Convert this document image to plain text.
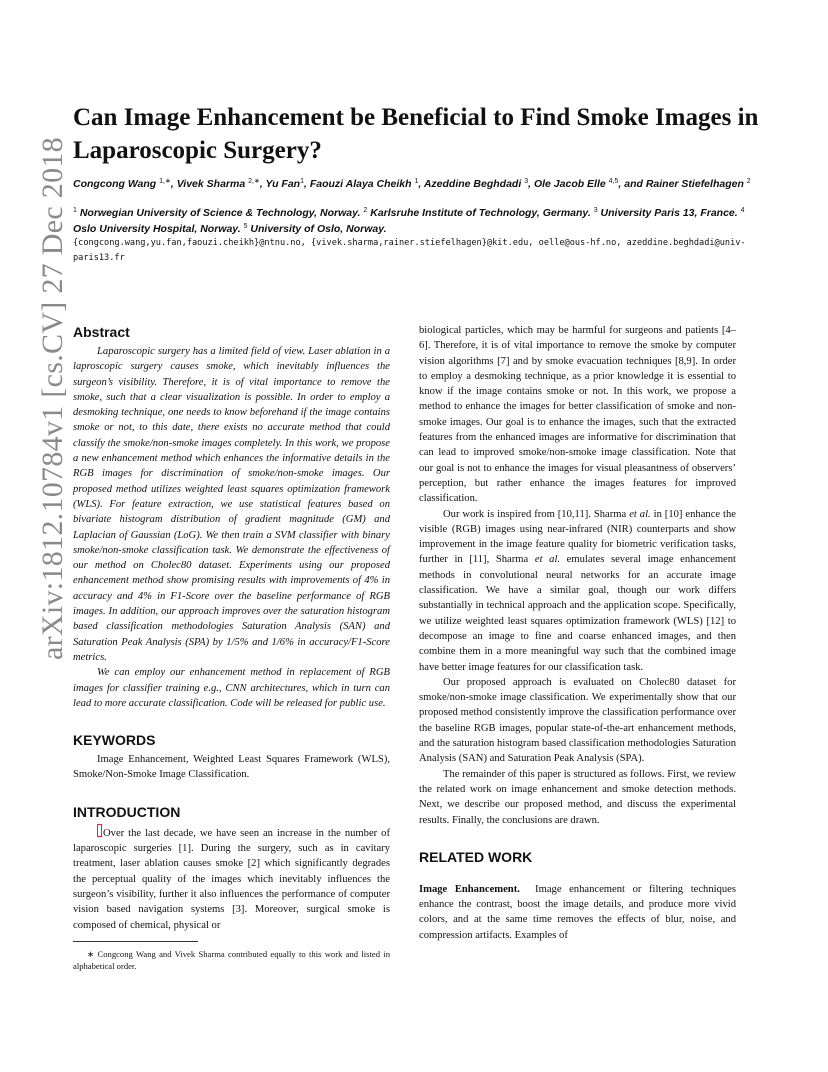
arXiv:1812.10784v1 [cs.CV] 27 Dec 2018
Can Image Enhancement be Beneficial to Find Smoke Images in Laparoscopic Surgery?
Congcong Wang $^{1,∗}$, Vivek Sharma $^{2,∗}$, Yu Fan$^1$, Faouzi Alaya Cheikh $^1$, Azeddine Beghdadi $^3$, Ole Jacob Elle $^{4,5}$, and Rainer Stiefelhagen $^2$
$^1$ Norwegian University of Science & Technology, Norway. $^2$ Karlsruhe Institute of Technology, Germany. $^3$ University Paris 13, France. $^4$ Oslo University Hospital, Norway. $^5$ University of Oslo, Norway.
{congcong.wang,yu.fan,faouzi.cheikh}@ntnu.no, {vivek.sharma,rainer.stiefelhagen}@kit.edu, oelle@ous-hf.no, azeddine.beghdadi@univ-paris13.fr
Abstract

Laparoscopic surgery has a limited field of view. Laser ablation in a laproscopic surgery causes smoke, which inevitably influences the surgeon’s visibility. Therefore, it is of vital importance to remove the smoke, such that a clear visualization is possible. In order to employ a desmoking technique, one needs to know beforehand if the image contains smoke or not, to this date, there exists no accurate method that could classify the smoke/non-smoke images completely. In this work, we propose a new enhancement method which enhances the informative details in the RGB images for discrimination of smoke/non-smoke images. Our proposed method utilizes weighted least squares optimization framework (WLS). For feature extraction, we use statistical features based on bivariate histogram distribution of gradient magnitude (GM) and Laplacian of Gaussian (LoG). We then train a SVM classifier with binary smoke/non-smoke classification task. We demonstrate the effectiveness of our method on Cholec80 dataset. Experiments using our proposed enhancement method show promising results with improvements of 4% in accuracy and 4% in F1-Score over the baseline performance of RGB images. In addition, our approach improves over the saturation histogram based classification methodologies Saturation Analysis (SAN) and Saturation Peak Analysis (SPA) by 1/5% and 1/6% in accuracy/F1-Score metrics.

We can employ our enhancement method in replacement of RGB images for classifier training e.g., CNN architectures, which in turn can lead to more accurate classification. Code will be released for public use.

KEYWORDS

Image Enhancement, Weighted Least Squares Framework (WLS), Smoke/Non-Smoke Image Classification.

INTRODUCTION

Over the last decade, we have seen an increase in the number of laparoscopic surgeries [1]. During the surgery, such as in cavitary treatment, laser ablation causes smoke [2] which significantly degrades the perceptual quality of the images which inevitably influences the surgeon’s visibility, further it also influences the performance of computer vision based navigation systems [3]. Moreover, surgical smoke is composed of chemical, physical or

∗ Congcong Wang and Vivek Sharma contributed equally to this work and listed in alphabetical order.

biological particles, which may be harmful for surgeons and patients [4–6]. Therefore, it is of vital importance to remove the smoke by computer vision algorithms [7] and by smoke evacuation techniques [8,9]. In order to employ a desmoking technique, as a prior knowledge it is essential to know if the image contains smoke or not. In this work, we propose a method to enhance the images for better classification of smoke and non-smoke images. Our goal is to enhance the images, such that the extracted features from the enhanced images are informative for discrimination that can lead to improved smoke/non-smoke image classification. Note that our goal is not to enhance the images for visual pleasantness of observers’ perception, but rather enhance the images features for improved classification.

Our work is inspired from [10,11]. Sharma et al. in [10] enhance the visible (RGB) images using near-infrared (NIR) counterparts and show improvement in the image feature quality for biometric verification tasks, further in [11], Sharma et al. emulates several image enhancement methods in convolutional neural networks for an accurate image classification. We have a similar goal, though our work differs substantially in technical approach and the application scope. Specifically, we utilize weighted least squares optimization framework (WLS) [12] to decompose an image to fine and coarse enhanced images, and then combine them in a more meaningful way such that the combined image have better image features for our classification task.

Our proposed approach is evaluated on Cholec80 dataset for smoke/non-smoke image classification. We experimentally show that our proposed method consistently improve the classification performance over the baseline RGB images, popular state-of-the-art enhancement methods, and the saturation histogram based classification methodologies Saturation Analysis (SAN) and Saturation Peak Analysis (SPA).

The remainder of this paper is structured as follows. First, we review the related work on image enhancement and smoke detection methods. Next, we describe our proposed method, and discuss the experimental results. Finally, the conclusions are drawn.

RELATED WORK

Image Enhancement. Image enhancement or filtering techniques enhance the contrast, boost the image details, and produce more vivid colors, and at the same time removes the effects of blur, noise, and compression artifacts. Examples of
